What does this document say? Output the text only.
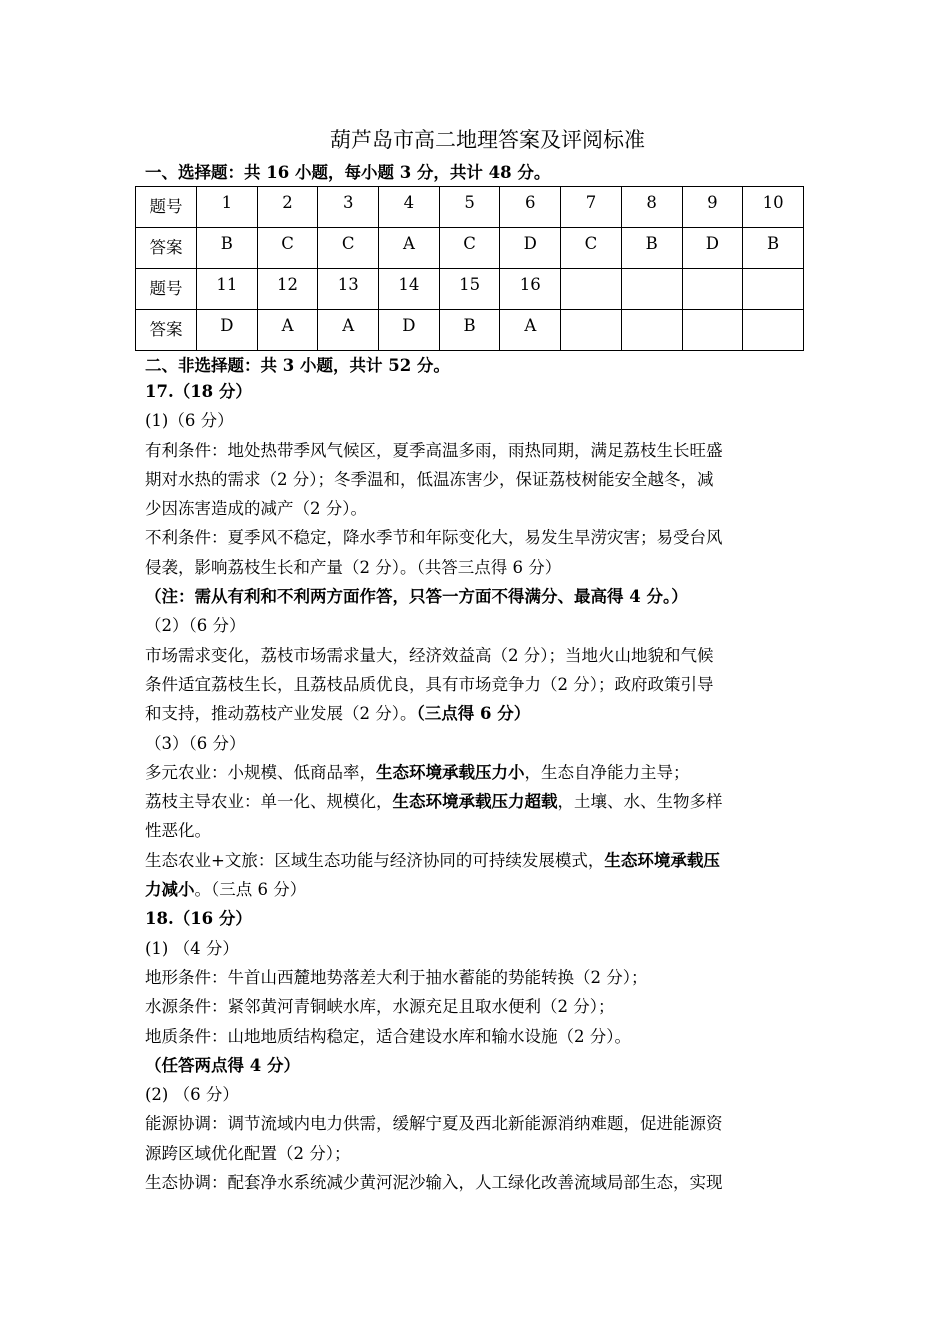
葫芦岛市高二地理答案及评阅标准
一、选择题：共 16 小题，每小题 3 分，共计 48 分。
题号	1	2	3	4	5	6	7	8	9	10
答案	B	C	C	A	C	D	C	B	D	B
题号	11	12	13	14	15	16				
答案	D	A	A	D	B	A				
二、非选择题：共 3 小题，共计 52 分。
17.（18 分）
(1)（6 分）
有利条件：地处热带季风气候区，夏季高温多雨，雨热同期，满足荔枝生长旺盛
期对水热的需求（2 分）；冬季温和，低温冻害少，保证荔枝树能安全越冬，减
少因冻害造成的减产（2 分）。
不利条件：夏季风不稳定，降水季节和年际变化大，易发生旱涝灾害；易受台风
侵袭，影响荔枝生长和产量（2 分）。（共答三点得 6 分）
（注：需从有利和不利两方面作答，只答一方面不得满分、最高得 4 分。）
（2）（6 分）
市场需求变化，荔枝市场需求量大，经济效益高（2 分）；当地火山地貌和气候
条件适宜荔枝生长，且荔枝品质优良，具有市场竞争力（2 分）；政府政策引导
和支持，推动荔枝产业发展（2 分）。（三点得 6 分）
（3）（6 分）
多元农业：小规模、低商品率，生态环境承载压力小，生态自净能力主导；
荔枝主导农业：单一化、规模化，生态环境承载压力超载，土壤、水、生物多样
性恶化。
生态农业+文旅：区域生态功能与经济协同的可持续发展模式，生态环境承载压
力减小。（三点 6 分）
18.（16 分）
(1) （4 分）
地形条件：牛首山西麓地势落差大利于抽水蓄能的势能转换（2 分）；
水源条件：紧邻黄河青铜峡水库，水源充足且取水便利（2 分）；
地质条件：山地地质结构稳定，适合建设水库和输水设施（2 分）。
（任答两点得 4 分）
(2) （6 分）
能源协调：调节流域内电力供需，缓解宁夏及西北新能源消纳难题，促进能源资
源跨区域优化配置（2 分）；
生态协调：配套净水系统减少黄河泥沙输入，人工绿化改善流域局部生态，实现
